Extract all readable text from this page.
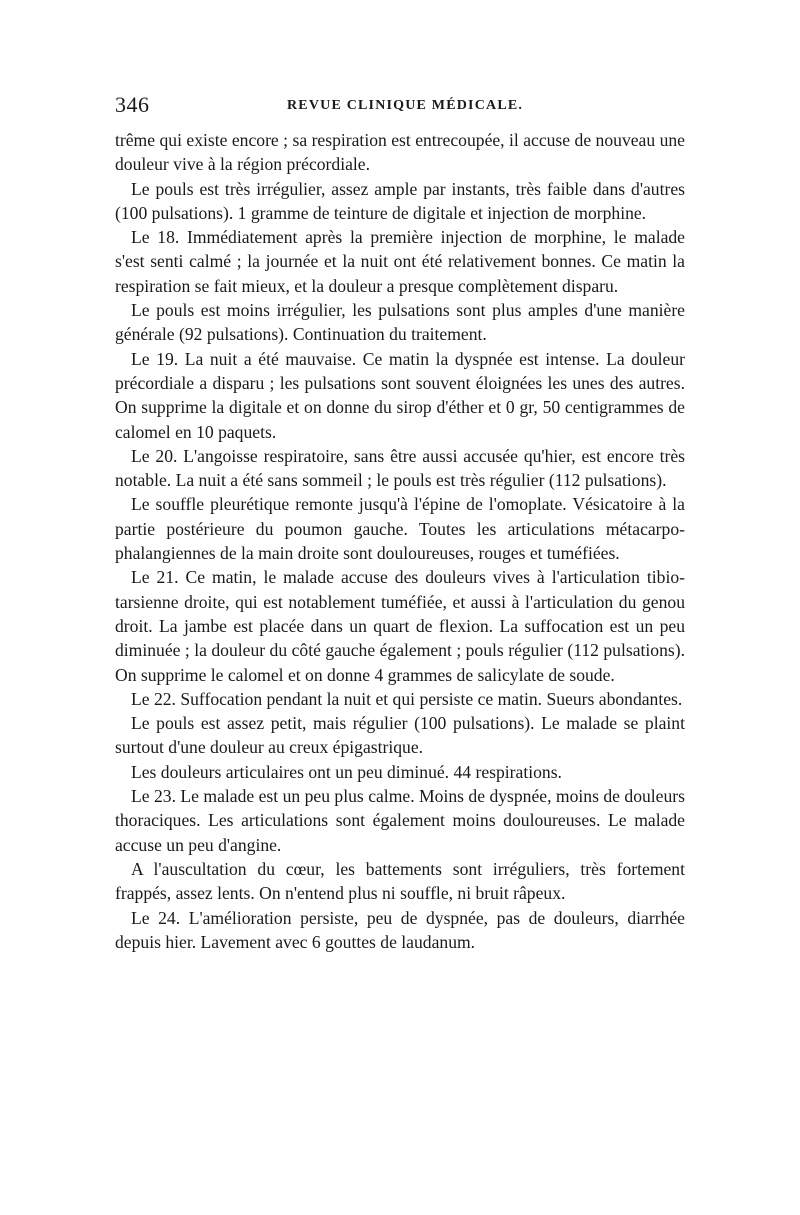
346	REVUE CLINIQUE MÉDICALE.

trême qui existe encore ; sa respiration est entrecoupée, il accuse de nouveau une douleur vive à la région précordiale.

Le pouls est très irrégulier, assez ample par instants, très faible dans d'autres (100 pulsations). 1 gramme de teinture de digitale et injection de morphine.

Le 18. Immédiatement après la première injection de morphine, le malade s'est senti calmé ; la journée et la nuit ont été relativement bonnes. Ce matin la respiration se fait mieux, et la douleur a presque complètement disparu.

Le pouls est moins irrégulier, les pulsations sont plus amples d'une manière générale (92 pulsations). Continuation du traitement.

Le 19. La nuit a été mauvaise. Ce matin la dyspnée est intense. La douleur précordiale a disparu ; les pulsations sont souvent éloignées les unes des autres. On supprime la digitale et on donne du sirop d'éther et 0 gr, 50 centigrammes de calomel en 10 paquets.

Le 20. L'angoisse respiratoire, sans être aussi accusée qu'hier, est encore très notable. La nuit a été sans sommeil ; le pouls est très régulier (112 pulsations).

Le souffle pleurétique remonte jusqu'à l'épine de l'omoplate. Vésicatoire à la partie postérieure du poumon gauche. Toutes les articulations métacarpo-phalangiennes de la main droite sont douloureuses, rouges et tuméfiées.

Le 21. Ce matin, le malade accuse des douleurs vives à l'articulation tibio-tarsienne droite, qui est notablement tuméfiée, et aussi à l'articulation du genou droit. La jambe est placée dans un quart de flexion. La suffocation est un peu diminuée ; la douleur du côté gauche également ; pouls régulier (112 pulsations). On supprime le calomel et on donne 4 grammes de salicylate de soude.

Le 22. Suffocation pendant la nuit et qui persiste ce matin. Sueurs abondantes.

Le pouls est assez petit, mais régulier (100 pulsations). Le malade se plaint surtout d'une douleur au creux épigastrique.

Les douleurs articulaires ont un peu diminué. 44 respirations.

Le 23. Le malade est un peu plus calme. Moins de dyspnée, moins de douleurs thoraciques. Les articulations sont également moins douloureuses. Le malade accuse un peu d'angine.

A l'auscultation du cœur, les battements sont irréguliers, très fortement frappés, assez lents. On n'entend plus ni souffle, ni bruit râpeux.

Le 24. L'amélioration persiste, peu de dyspnée, pas de douleurs, diarrhée depuis hier. Lavement avec 6 gouttes de laudanum.
